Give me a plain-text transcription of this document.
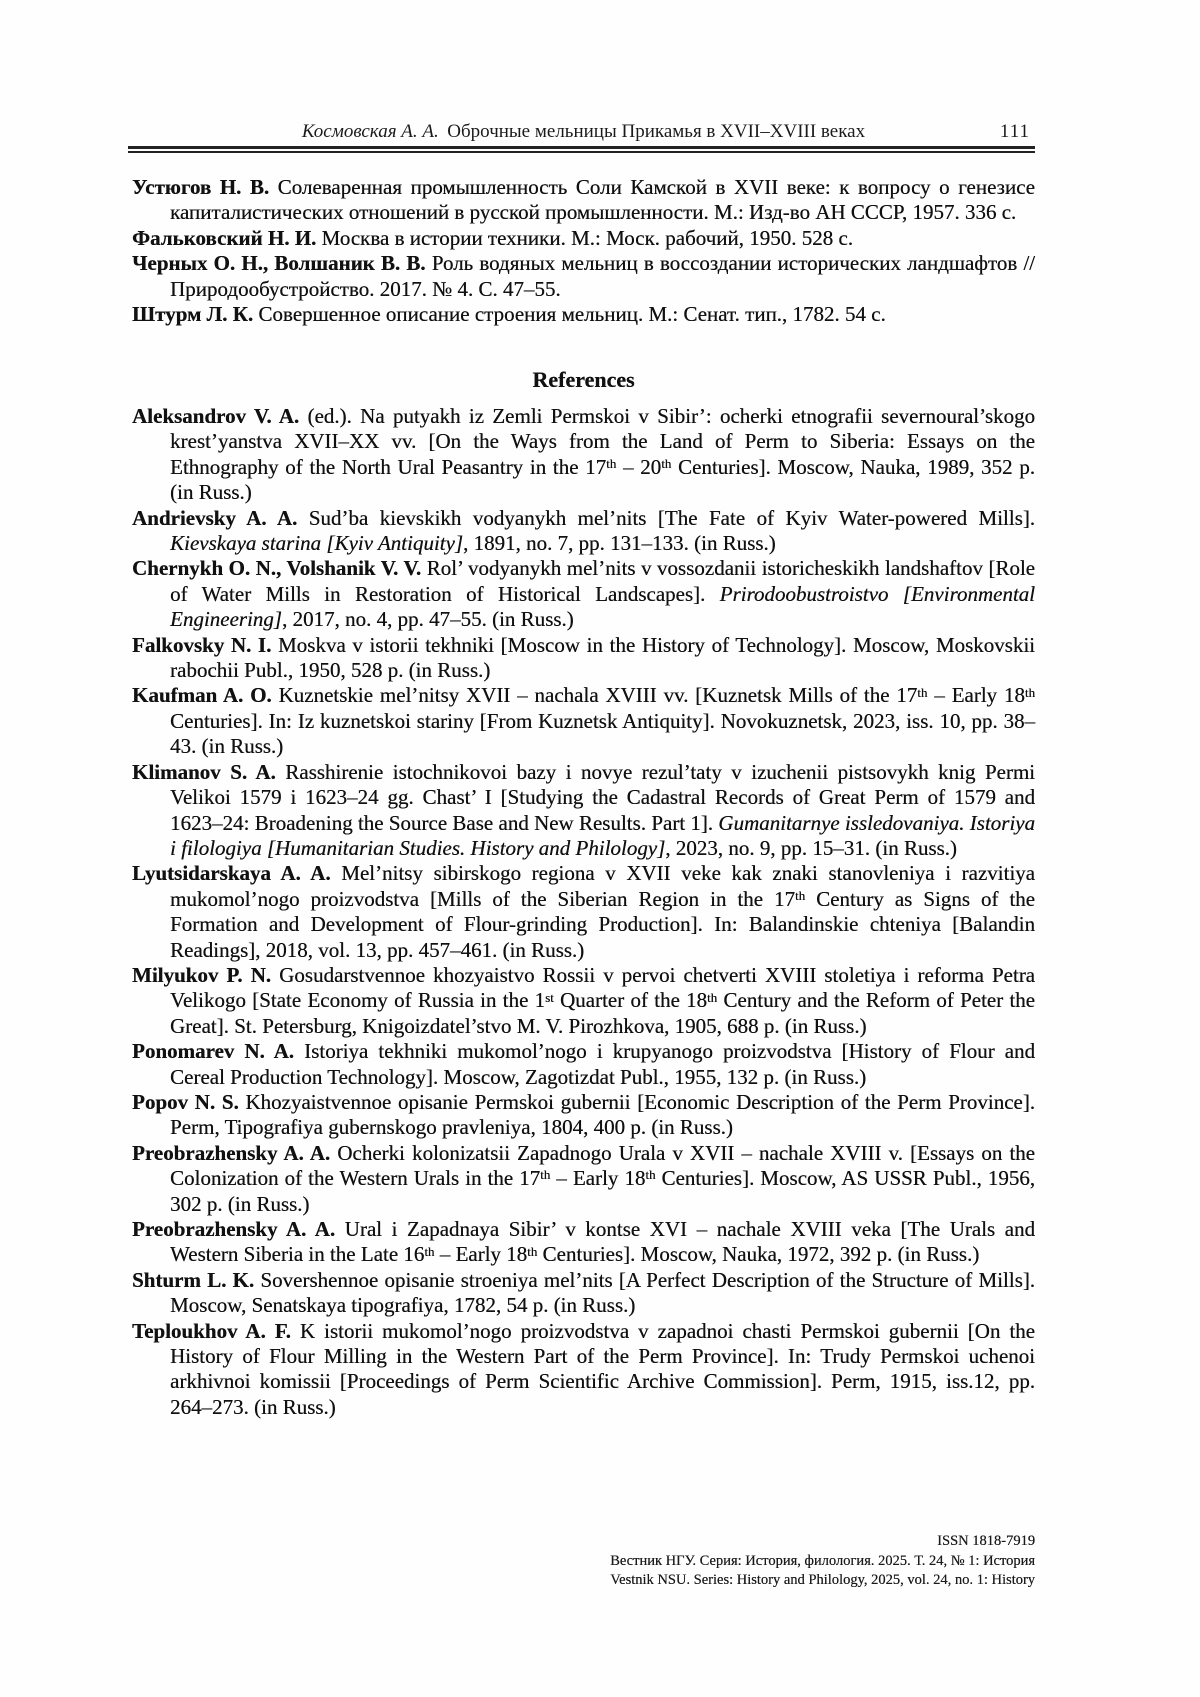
Космовская А. А. Оброчные мельницы Прикамья в XVII–XVIII веках	111

Устюгов Н. В. Солеваренная промышленность Соли Камской в XVII веке: к вопросу о генезисе капиталистических отношений в русской промышленности. М.: Изд-во АН СССР, 1957. 336 с.

Фальковский Н. И. Москва в истории техники. М.: Моск. рабочий, 1950. 528 с.

Черных О. Н., Волшаник В. В. Роль водяных мельниц в воссоздании исторических ландшафтов // Природообустройство. 2017. № 4. С. 47–55.

Штурм Л. К. Совершенное описание строения мельниц. М.: Сенат. тип., 1782. 54 с.

References

Aleksandrov V. A. (ed.). Na putyakh iz Zemli Permskoi v Sibir’: ocherki etnografii severnoural’skogo krest’yanstva XVII–XX vv. [On the Ways from the Land of Perm to Siberia: Essays on the Ethnography of the North Ural Peasantry in the 17th – 20th Centuries]. Moscow, Nauka, 1989, 352 p. (in Russ.)

Andrievsky A. A. Sud’ba kievskikh vodyanykh mel’nits [The Fate of Kyiv Water-powered Mills]. Kievskaya starina [Kyiv Antiquity], 1891, no. 7, pp. 131–133. (in Russ.)

Chernykh O. N., Volshanik V. V. Rol’ vodyanykh mel’nits v vossozdanii istoricheskikh landshaftov [Role of Water Mills in Restoration of Historical Landscapes]. Prirodoobustroistvo [Environmental Engineering], 2017, no. 4, pp. 47–55. (in Russ.)

Falkovsky N. I. Moskva v istorii tekhniki [Moscow in the History of Technology]. Moscow, Moskovskii rabochii Publ., 1950, 528 p. (in Russ.)

Kaufman A. O. Kuznetskie mel’nitsy XVII – nachala XVIII vv. [Kuznetsk Mills of the 17th – Early 18th Centuries]. In: Iz kuznetskoi stariny [From Kuznetsk Antiquity]. Novokuznetsk, 2023, iss. 10, pp. 38–43. (in Russ.)

Klimanov S. A. Rasshirenie istochnikovoi bazy i novye rezul’taty v izuchenii pistsovykh knig Permi Velikoi 1579 i 1623–24 gg. Chast’ I [Studying the Cadastral Records of Great Perm of 1579 and 1623–24: Broadening the Source Base and New Results. Part 1]. Gumanitarnye issledovaniya. Istoriya i filologiya [Humanitarian Studies. History and Philology], 2023, no. 9, pp. 15–31. (in Russ.)

Lyutsidarskaya A. A. Mel’nitsy sibirskogo regiona v XVII veke kak znaki stanovleniya i razvitiya mukomol’nogo proizvodstva [Mills of the Siberian Region in the 17th Century as Signs of the Formation and Development of Flour-grinding Production]. In: Balandinskie chteniya [Balandin Readings], 2018, vol. 13, pp. 457–461. (in Russ.)

Milyukov P. N. Gosudarstvennoe khozyaistvo Rossii v pervoi chetverti XVIII stoletiya i reforma Petra Velikogo [State Economy of Russia in the 1st Quarter of the 18th Century and the Reform of Peter the Great]. St. Petersburg, Knigoizdatel’stvo M. V. Pirozhkova, 1905, 688 p. (in Russ.)

Ponomarev N. A. Istoriya tekhniki mukomol’nogo i krupyanogo proizvodstva [History of Flour and Cereal Production Technology]. Moscow, Zagotizdat Publ., 1955, 132 p. (in Russ.)

Popov N. S. Khozyaistvennoe opisanie Permskoi gubernii [Economic Description of the Perm Province]. Perm, Tipografiya gubernskogo pravleniya, 1804, 400 p. (in Russ.)

Preobrazhensky A. A. Ocherki kolonizatsii Zapadnogo Urala v XVII – nachale XVIII v. [Essays on the Colonization of the Western Urals in the 17th – Early 18th Centuries]. Moscow, AS USSR Publ., 1956, 302 p. (in Russ.)

Preobrazhensky A. A. Ural i Zapadnaya Sibir’ v kontse XVI – nachale XVIII veka [The Urals and Western Siberia in the Late 16th – Early 18th Centuries]. Moscow, Nauka, 1972, 392 p. (in Russ.)

Shturm L. K. Sovershennoe opisanie stroeniya mel’nits [A Perfect Description of the Structure of Mills]. Moscow, Senatskaya tipografiya, 1782, 54 p. (in Russ.)

Teploukhov A. F. K istorii mukomol’nogo proizvodstva v zapadnoi chasti Permskoi gubernii [On the History of Flour Milling in the Western Part of the Perm Province]. In: Trudy Permskoi uchenoi arkhivnoi komissii [Proceedings of Perm Scientific Archive Commission]. Perm, 1915, iss.12, pp. 264–273. (in Russ.)

ISSN 1818-7919
Вестник НГУ. Серия: История, филология. 2025. Т. 24, № 1: История
Vestnik NSU. Series: History and Philology, 2025, vol. 24, no. 1: History
